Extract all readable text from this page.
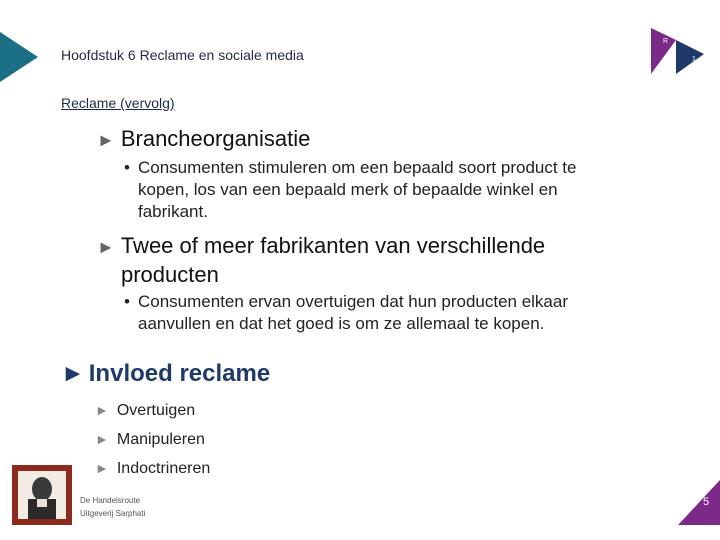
Hoofdstuk 6 Reclame en sociale media
R
1
Reclame (vervolg)
► Brancheorganisatie
• Consumenten stimuleren om een bepaald soort product te
kopen, los van een bepaald merk of bepaalde winkel en
fabrikant.
► Twee of meer fabrikanten van verschillende
producten
• Consumenten ervan overtuigen dat hun producten elkaar
aanvullen en dat het goed is om ze allemaal te kopen.
► Invloed reclame
► Overtuigen
► Manipuleren
► Indoctrineren
De Handelsroute
Uitgeverij Sarphati
5
